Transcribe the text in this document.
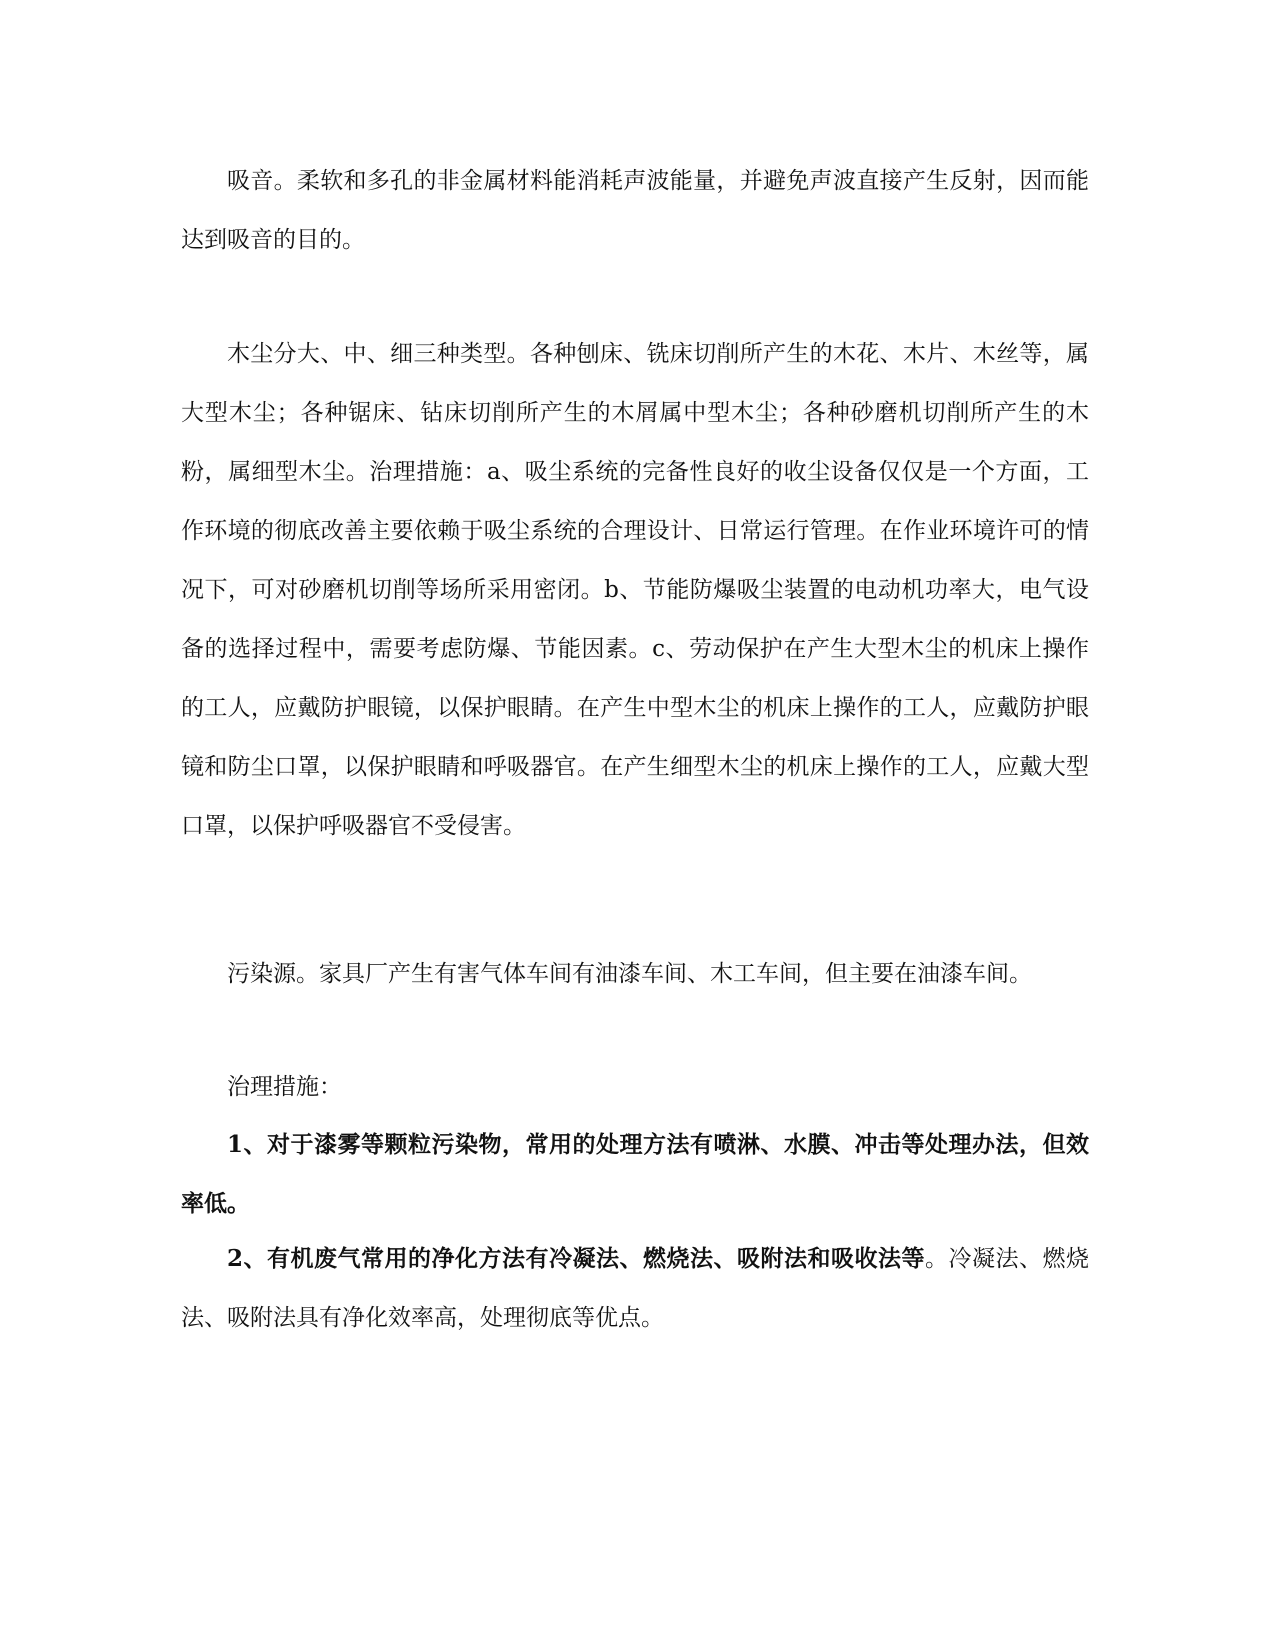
吸音。柔软和多孔的非金属材料能消耗声波能量，并避免声波直接产生反射，因而能达到吸音的目的。

木尘分大、中、细三种类型。各种刨床、铣床切削所产生的木花、木片、木丝等，属大型木尘；各种锯床、钻床切削所产生的木屑属中型木尘；各种砂磨机切削所产生的木粉，属细型木尘。治理措施：a、吸尘系统的完备性良好的收尘设备仅仅是一个方面，工作环境的彻底改善主要依赖于吸尘系统的合理设计、日常运行管理。在作业环境许可的情况下，可对砂磨机切削等场所采用密闭。b、节能防爆吸尘装置的电动机功率大，电气设备的选择过程中，需要考虑防爆、节能因素。c、劳动保护在产生大型木尘的机床上操作的工人，应戴防护眼镜，以保护眼睛。在产生中型木尘的机床上操作的工人，应戴防护眼镜和防尘口罩，以保护眼睛和呼吸器官。在产生细型木尘的机床上操作的工人，应戴大型口罩，以保护呼吸器官不受侵害。

污染源。家具厂产生有害气体车间有油漆车间、木工车间，但主要在油漆车间。

治理措施：

1、对于漆雾等颗粒污染物，常用的处理方法有喷淋、水膜、冲击等处理办法，但效率低。

2、有机废气常用的净化方法有冷凝法、燃烧法、吸附法和吸收法等。冷凝法、燃烧法、吸附法具有净化效率高，处理彻底等优点。
